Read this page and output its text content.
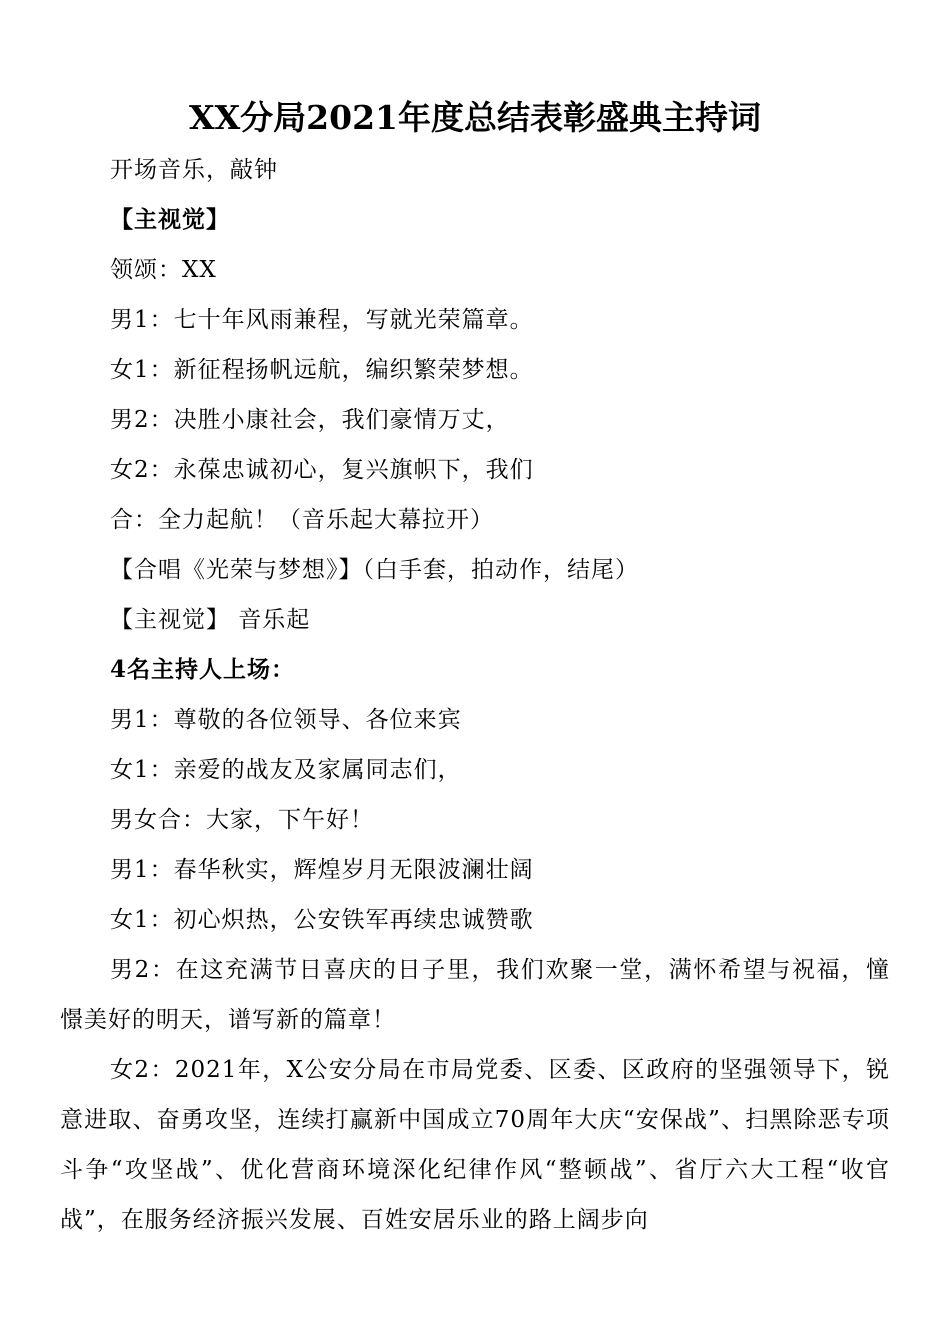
XX分局2021年度总结表彰盛典主持词
开场音乐，敲钟
【主视觉】
领颂：XX
男1：七十年风雨兼程，写就光荣篇章。
女1：新征程扬帆远航，编织繁荣梦想。
男2：决胜小康社会，我们豪情万丈，
女2：永葆忠诚初心，复兴旗帜下，我们
合：全力起航！（音乐起大幕拉开）
【合唱《光荣与梦想》】（白手套，拍动作，结尾）
【主视觉】 音乐起
4名主持人上场：
男1：尊敬的各位领导、各位来宾
女1：亲爱的战友及家属同志们，
男女合：大家，下午好！
男1：春华秋实，辉煌岁月无限波澜壮阔
女1：初心炽热，公安铁军再续忠诚赞歌
男2：在这充满节日喜庆的日子里，我们欢聚一堂，满怀希望与祝福，憧憬美好的明天，谱写新的篇章！
女2：2021年，X公安分局在市局党委、区委、区政府的坚强领导下，锐意进取、奋勇攻坚，连续打赢新中国成立70周年大庆“安保战”、扫黑除恶专项斗争“攻坚战”、优化营商环境深化纪律作风“整顿战”、省厅六大工程“收官战”，在服务经济振兴发展、百姓安居乐业的路上阔步向
